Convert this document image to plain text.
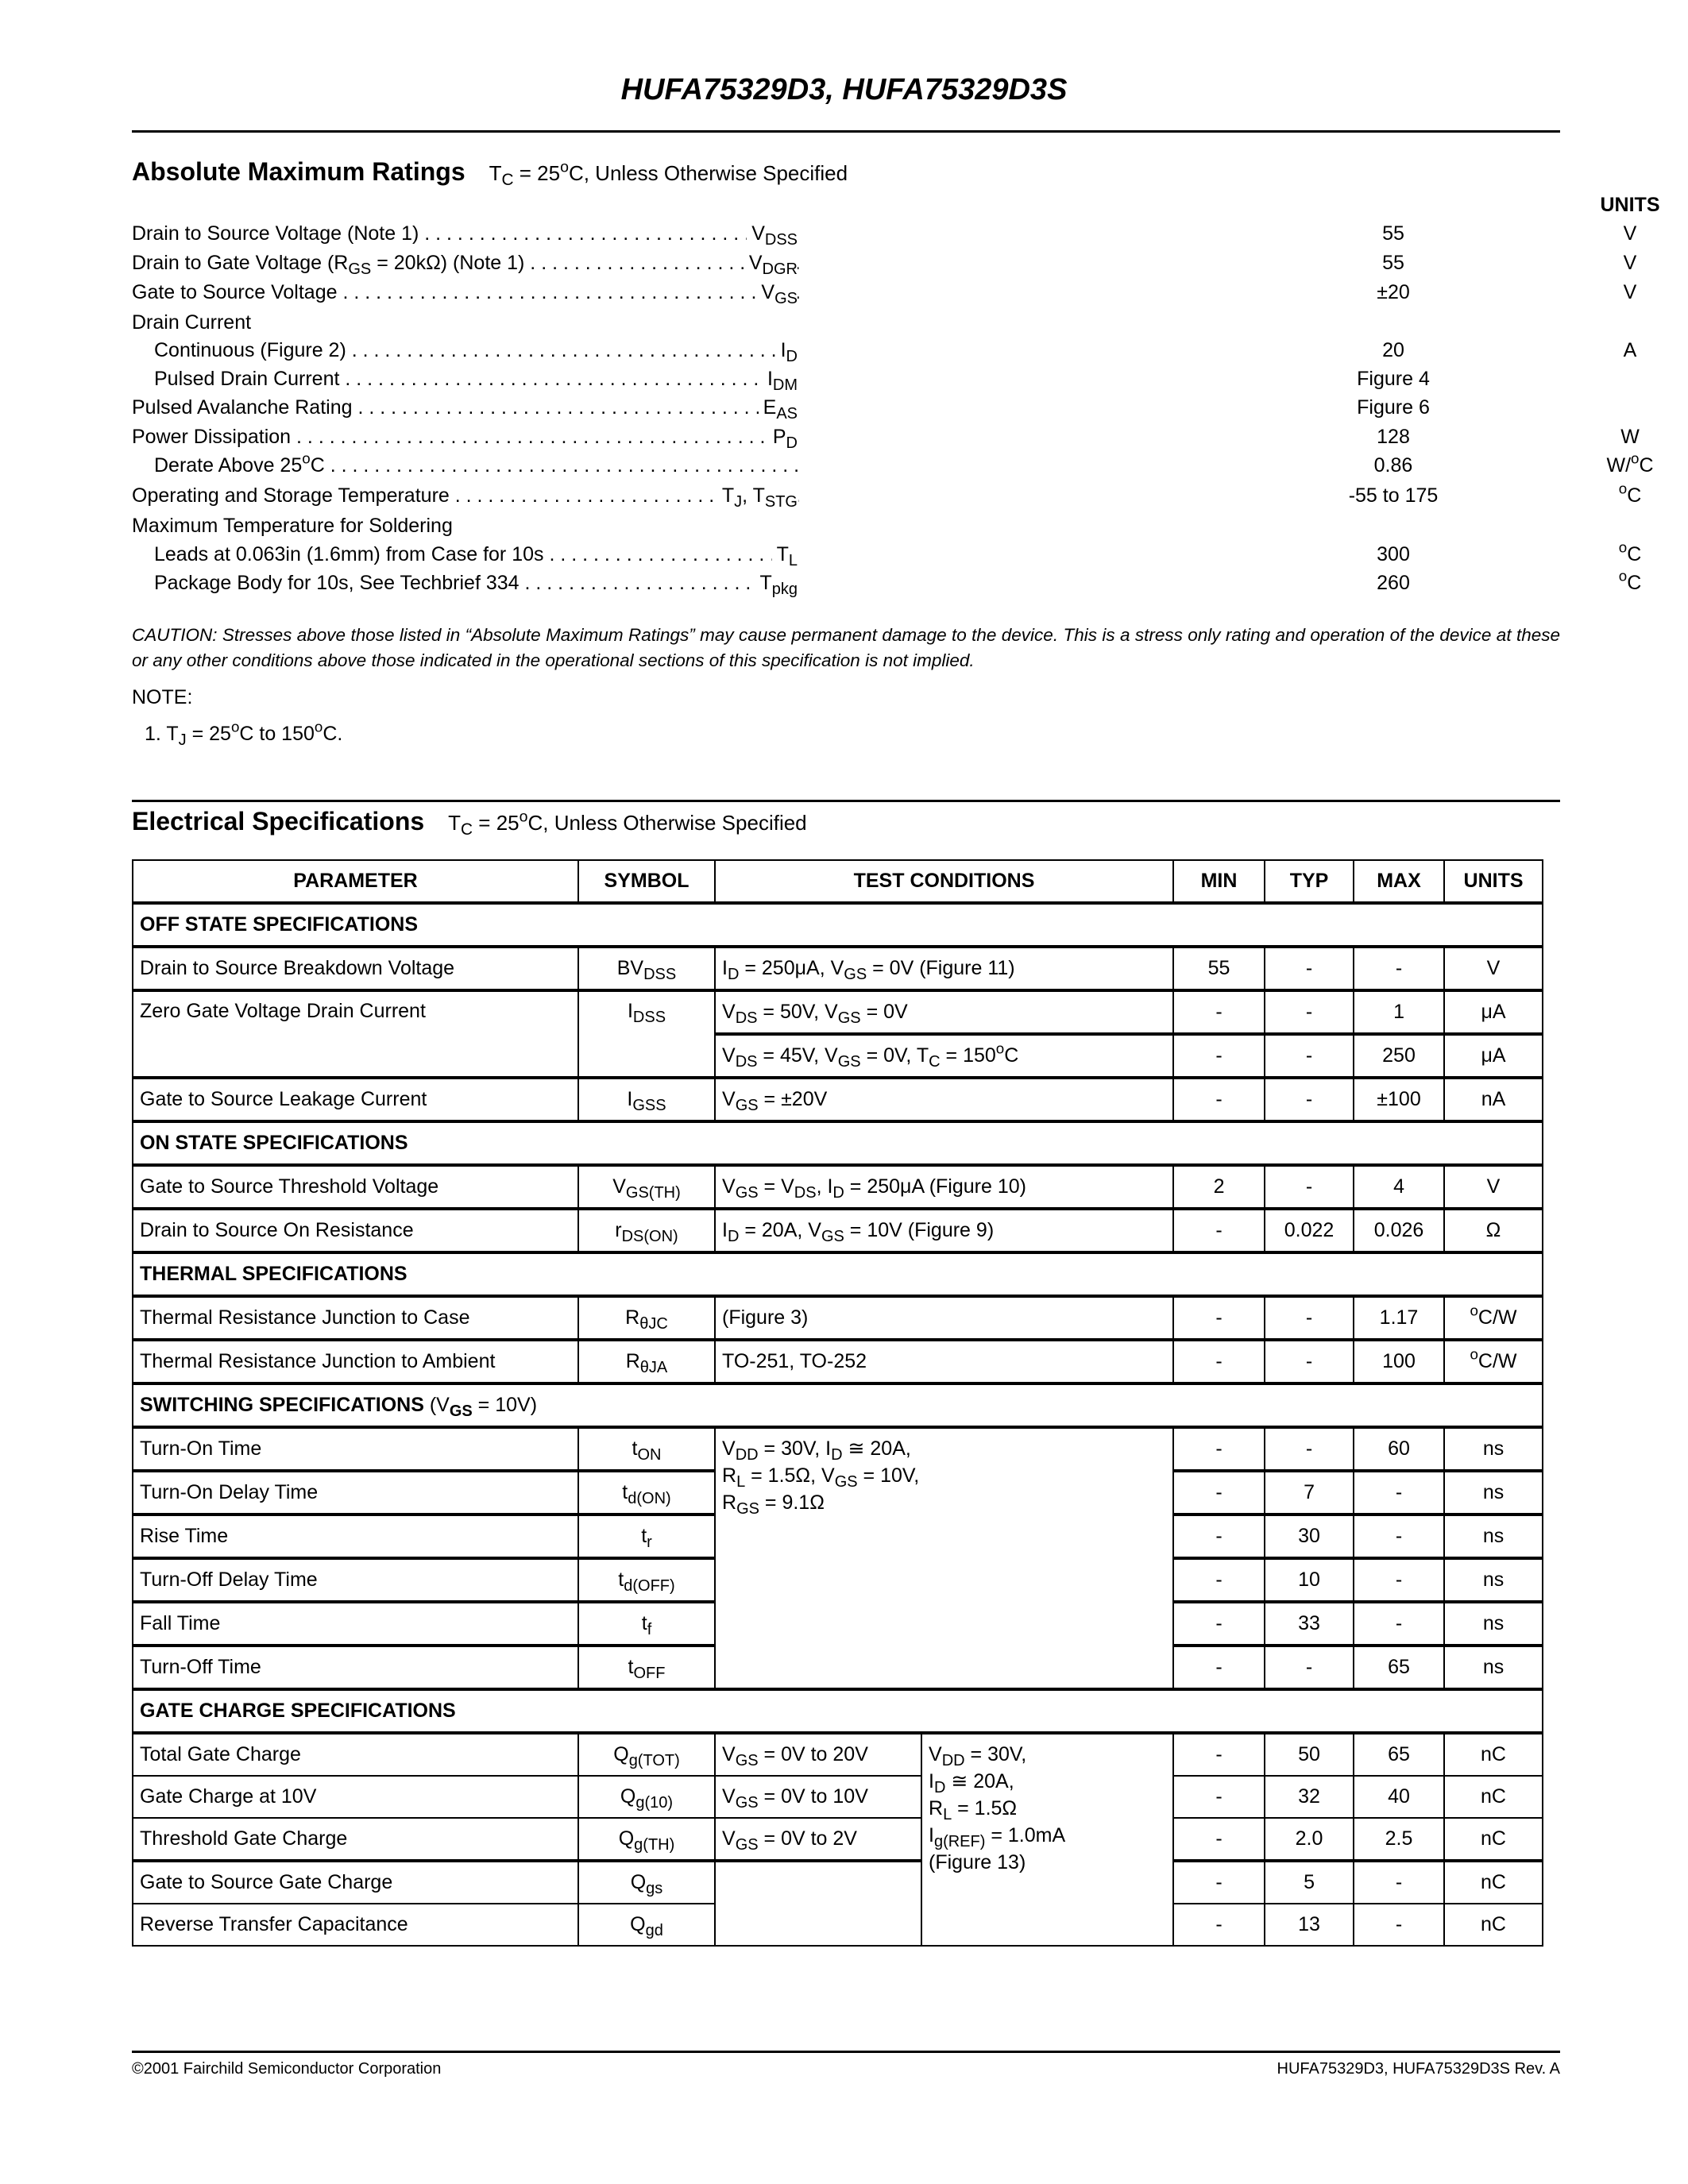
HUFA75329D3, HUFA75329D3S
Absolute Maximum Ratings $T_C = 25^oC$, Unless Otherwise Specified
UNITS
Drain to Source Voltage (Note 1) . . .	$V_{DSS}$	55	V
Drain to Gate Voltage $(R_{GS} = 20k\Omega)$ (Note 1) . . .	$V_{DGR}$	55	V
Gate to Source Voltage . . .	$V_{GS}$	±20	V
Drain Current
Continuous (Figure 2) . . .	$I_D$	20	A
Pulsed Drain Current . . .	$I_{DM}$	Figure 4
Pulsed Avalanche Rating . . .	$E_{AS}$	Figure 6
Power Dissipation . . .	$P_D$	128	W
Derate Above 25$^o$C . . .	0.86	W/$^o$C
Operating and Storage Temperature . . .	$T_J$, $T_{STG}$	-55 to 175	$^o$C
Maximum Temperature for Soldering
Leads at 0.063in (1.6mm) from Case for 10s . . .	$T_L$	300	$^o$C
Package Body for 10s, See Techbrief 334 . . .	$T_{pkg}$	260	$^o$C
CAUTION: Stresses above those listed in “Absolute Maximum Ratings” may cause permanent damage to the device. This is a stress only rating and operation of the device at these or any other conditions above those indicated in the operational sections of this specification is not implied.
NOTE:
1. $T_J = 25^oC$ to 150$^o$C.
Electrical Specifications $T_C = 25^oC$, Unless Otherwise Specified
PARAMETER	SYMBOL	TEST CONDITIONS		MIN	TYP	MAX	UNITS
OFF STATE SPECIFICATIONS							
Drain to Source Breakdown Voltage	$BV_{DSS}$	$I_D = 250\mu A$, $V_{GS} = 0V$ (Figure 11)		55	-	-	V
Zero Gate Voltage Drain Current	$I_{DSS}$	$V_{DS} = 50V$, $V_{GS} = 0V$		-	-	1	μA
		$V_{DS} = 45V$, $V_{GS} = 0V$, $T_C = 150^oC$		-	-	250	μA
Gate to Source Leakage Current	$I_{GSS}$	$V_{GS} = \pm 20V$		-	-	±100	nA
ON STATE SPECIFICATIONS							
Gate to Source Threshold Voltage	$V_{GS(TH)}$	$V_{GS} = V_{DS}$, $I_D = 250\mu A$ (Figure 10)		2	-	4	V
Drain to Source On Resistance	$r_{DS(ON)}$	$I_D = 20A$, $V_{GS} = 10V$ (Figure 9)		-	0.022	0.026	Ω
THERMAL SPECIFICATIONS							
Thermal Resistance Junction to Case	$R_{\theta JC}$	(Figure 3)		-	-	1.17	$^o$C/W
Thermal Resistance Junction to Ambient	$R_{\theta JA}$	TO-251, TO-252		-	-	100	$^o$C/W
SWITCHING SPECIFICATIONS $(V_{GS} = 10V)$							
Turn-On Time	$t_{ON}$	$V_{DD} = 30V$, $I_D$ ≅ 20A,
$R_L = 1.5\Omega$, $V_{GS} = 10V$,
$R_{GS} = 9.1\Omega$		-	-	60	ns
Turn-On Delay Time	$t_{d(ON)}$			-	7	-	ns
Rise Time	$t_r$			-	30	-	ns
Turn-Off Delay Time	$t_{d(OFF)}$			-	10	-	ns
Fall Time	$t_f$			-	33	-	ns
Turn-Off Time	$t_{OFF}$			-	-	65	ns
GATE CHARGE SPECIFICATIONS							
Total Gate Charge	$Q_{g(TOT)}$	$V_{GS} = 0V$ to 20V	$V_{DD} = 30V$,
$I_D$ ≅ 20A,
$R_L = 1.5\Omega$
$I_{g(REF)} = 1.0mA$
(Figure 13)	-	50	65	nC
Gate Charge at 10V	$Q_{g(10)}$	$V_{GS} = 0V$ to 10V		-	32	40	nC
Threshold Gate Charge	$Q_{g(TH)}$	$V_{GS} = 0V$ to 2V		-	2.0	2.5	nC
Gate to Source Gate Charge	$Q_{gs}$			-	5	-	nC
Reverse Transfer Capacitance	$Q_{gd}$			-	13	-	nC
©2001 Fairchild Semiconductor Corporation	HUFA75329D3, HUFA75329D3S Rev. A
